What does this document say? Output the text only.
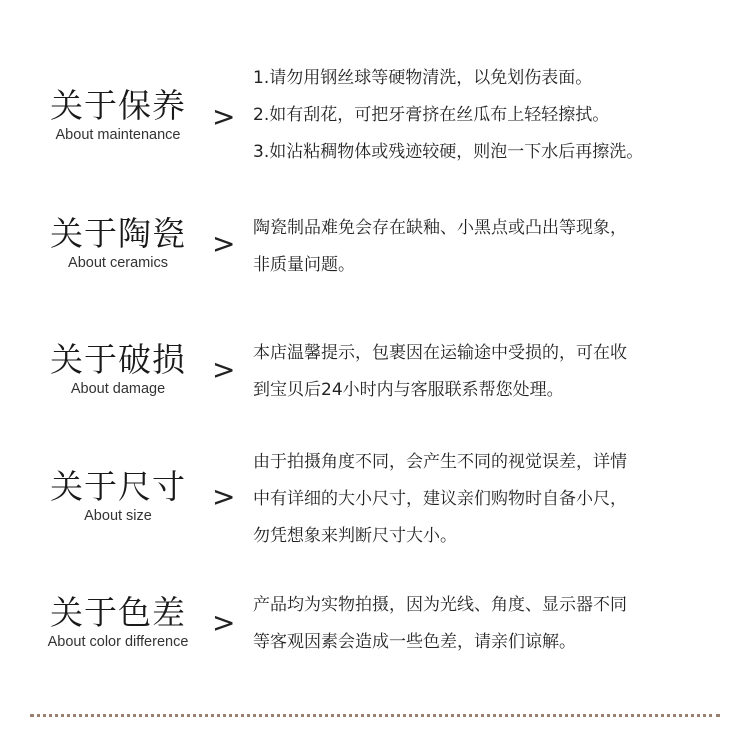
关于保养
About maintenance
>
1.请勿用钢丝球等硬物清洗，以免划伤表面。
2.如有刮花，可把牙膏挤在丝瓜布上轻轻擦拭。
3.如沾粘稠物体或残迹较硬，则泡一下水后再擦洗。
关于陶瓷
About ceramics
> 陶瓷制品难免会存在缺釉、小黑点或凸出等现象，
非质量问题。
关于破损
About damage
> 本店温馨提示，包裹因在运输途中受损的，可在收
到宝贝后24小时内与客服联系帮您处理。
关于尺寸
About size
>
由于拍摄角度不同，会产生不同的视觉误差，详情
中有详细的大小尺寸，建议亲们购物时自备小尺，
勿凭想象来判断尺寸大小。
关于色差
About color difference
>
产品均为实物拍摄，因为光线、角度、显示器不同
等客观因素会造成一些色差，请亲们谅解。
